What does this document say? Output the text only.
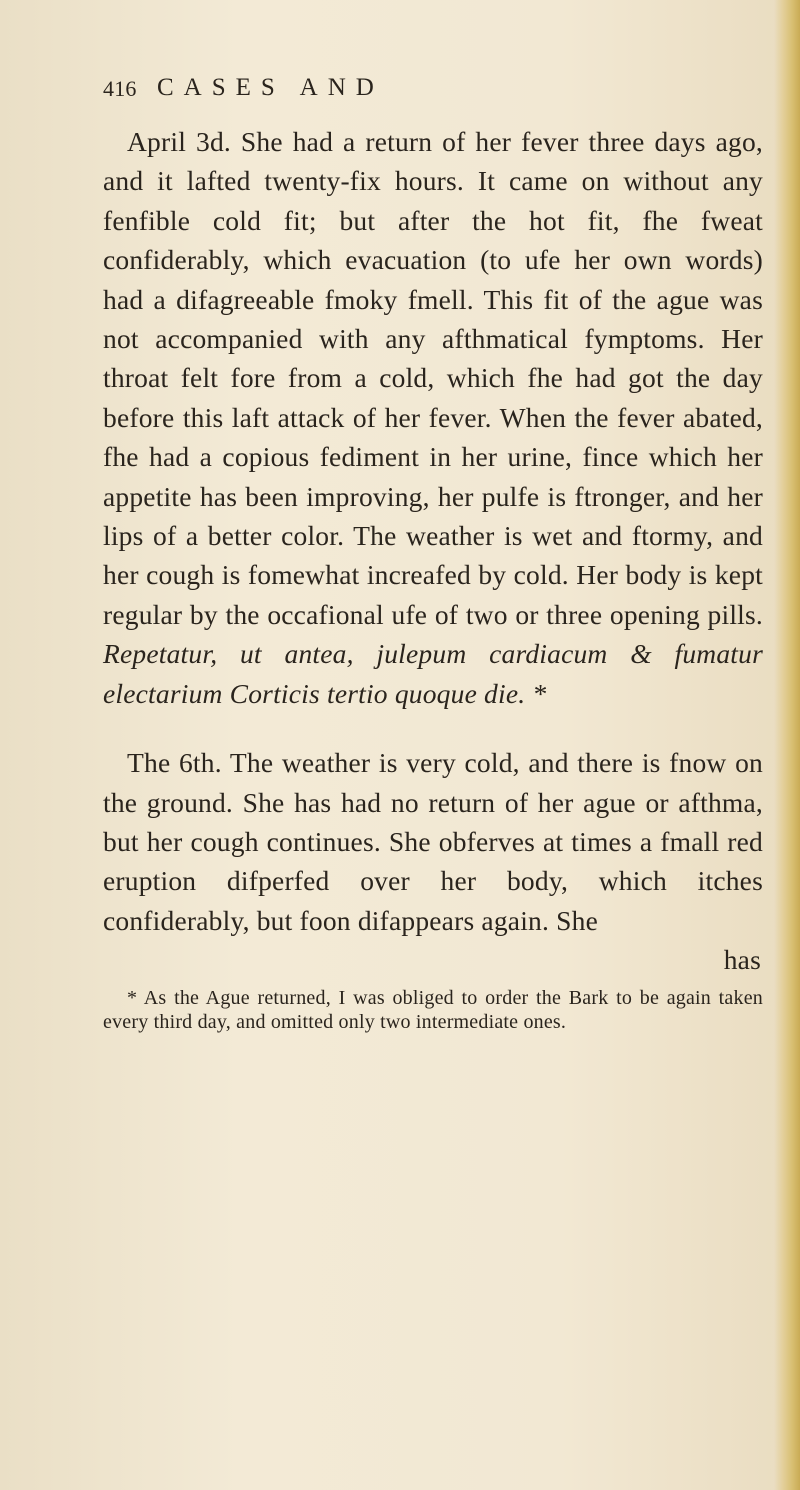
416 CASES AND

April 3d. She had a return of her fever three days ago, and it lafted twenty-fix hours. It came on without any fenfible cold fit; but after the hot fit, fhe fweat confiderably, which evacuation (to ufe her own words) had a difagreeable fmoky fmell. This fit of the ague was not accompanied with any afthmatical fymptoms. Her throat felt fore from a cold, which fhe had got the day before this laft attack of her fever. When the fever abated, fhe had a copious fediment in her urine, fince which her appetite has been improving, her pulfe is ftronger, and her lips of a better color. The weather is wet and ftormy, and her cough is fomewhat increafed by cold. Her body is kept regular by the occafional ufe of two or three opening pills. Repetatur, ut antea, julepum cardiacum & fumatur electarium Corticis tertio quoque die. *

The 6th. The weather is very cold, and there is fnow on the ground. She has had no return of her ague or afthma, but her cough continues. She obferves at times a fmall red eruption difperfed over her body, which itches confiderably, but foon difappears again. She

has

* As the Ague returned, I was obliged to order the Bark to be again taken every third day, and omitted only two intermediate ones.
